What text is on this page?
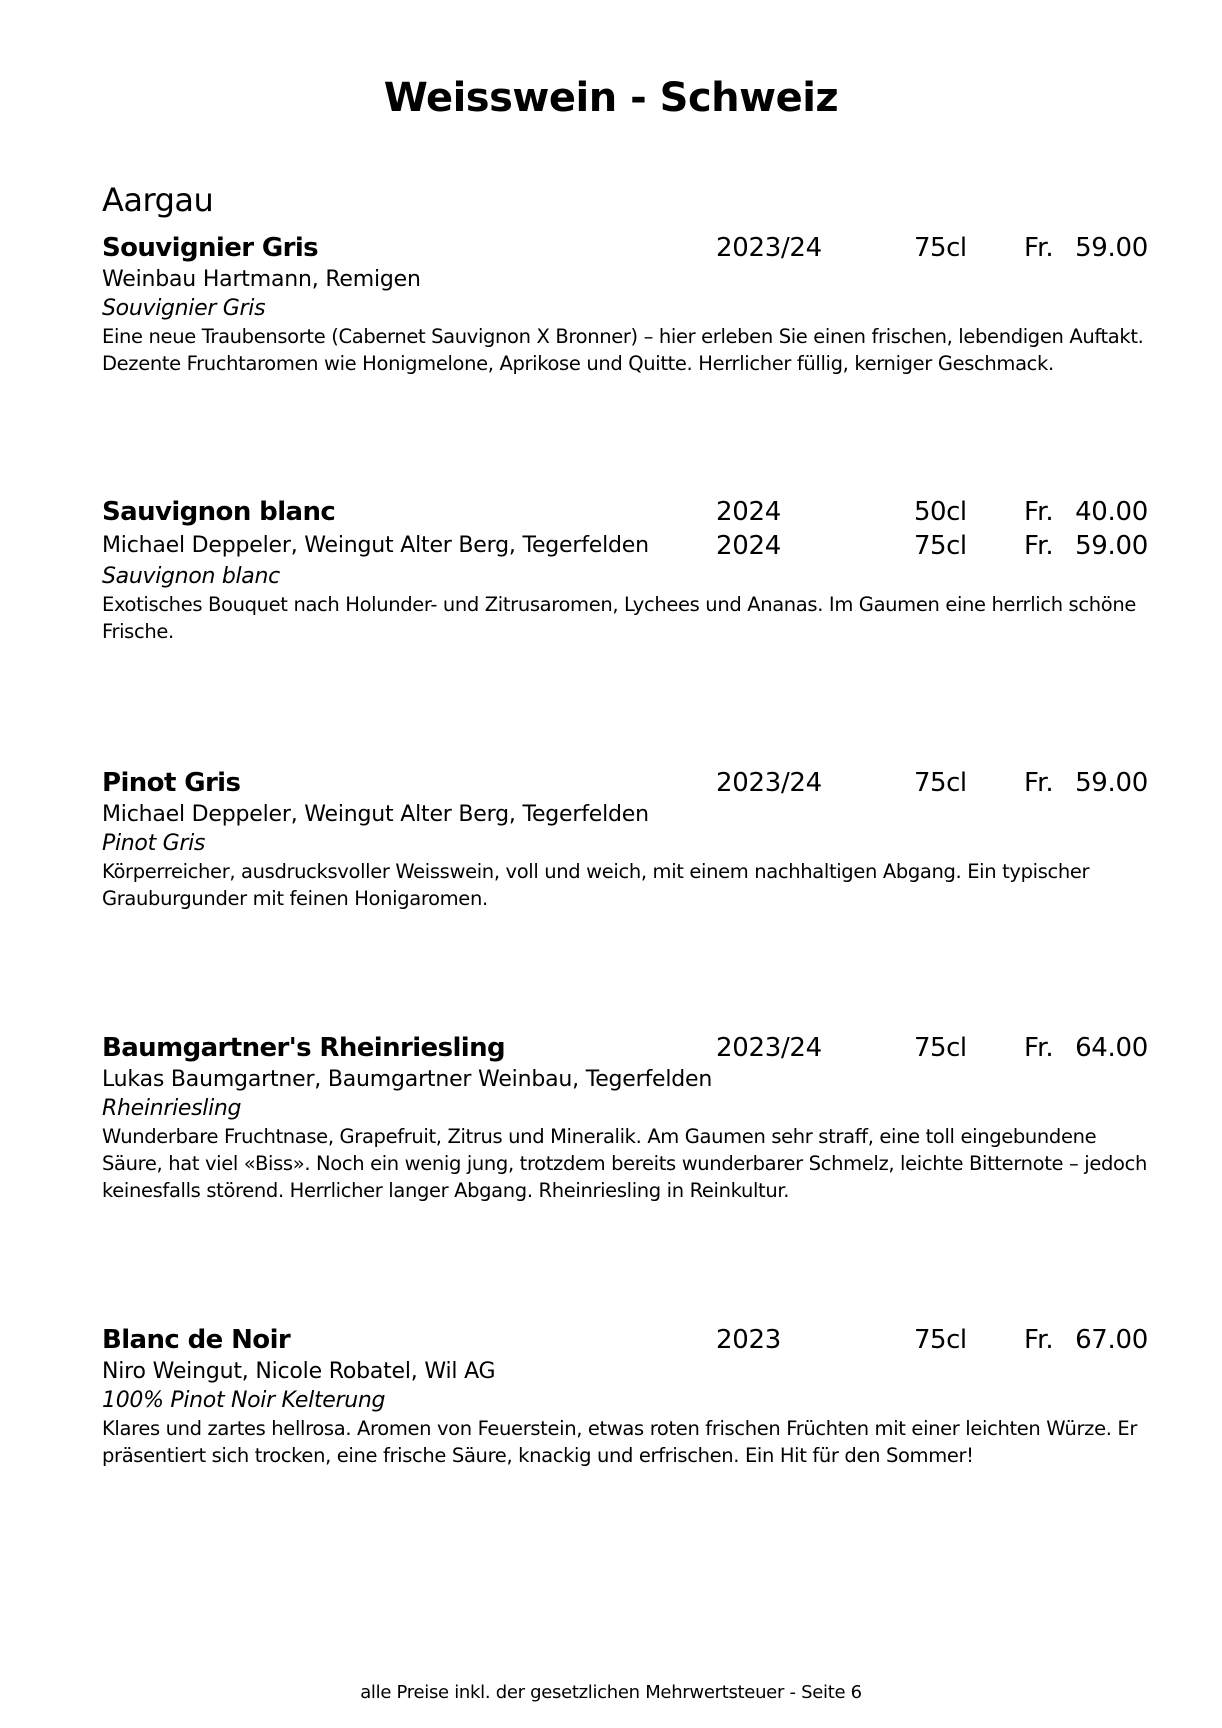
Weisswein - Schweiz
Aargau
Souvignier Gris	2023/24	75cl Fr. 59.00
Weinbau Hartmann, Remigen
Souvignier Gris
Eine neue Traubensorte (Cabernet Sauvignon X Bronner) – hier erleben Sie einen frischen, lebendigen Auftakt. Dezente Fruchtaromen wie Honigmelone, Aprikose und Quitte. Herrlicher füllig, kerniger Geschmack.
Sauvignon blanc	2024	50cl Fr. 40.00
Michael Deppeler, Weingut Alter Berg, Tegerfelden	2024	75cl Fr. 59.00
Sauvignon blanc
Exotisches Bouquet nach Holunder- und Zitrusaromen, Lychees und Ananas. Im Gaumen eine herrlich schöne Frische.
Pinot Gris	2023/24	75cl Fr. 59.00
Michael Deppeler, Weingut Alter Berg, Tegerfelden
Pinot Gris
Körperreicher, ausdrucksvoller Weisswein, voll und weich, mit einem nachhaltigen Abgang. Ein typischer Grauburgunder mit feinen Honigaromen.
Baumgartner's Rheinriesling	2023/24	75cl Fr. 64.00
Lukas Baumgartner, Baumgartner Weinbau, Tegerfelden
Rheinriesling
Wunderbare Fruchtnase, Grapefruit, Zitrus und Mineralik. Am Gaumen sehr straff, eine toll eingebundene Säure, hat viel «Biss». Noch ein wenig jung, trotzdem bereits wunderbarer Schmelz, leichte Bitternote – jedoch keinesfalls störend. Herrlicher langer Abgang. Rheinriesling in Reinkultur.
Blanc de Noir	2023	75cl Fr. 67.00
Niro Weingut, Nicole Robatel, Wil AG
100% Pinot Noir Kelterung
Klares und zartes hellrosa. Aromen von Feuerstein, etwas roten frischen Früchten mit einer leichten Würze. Er präsentiert sich trocken, eine frische Säure, knackig und erfrischen. Ein Hit für den Sommer!
alle Preise inkl. der gesetzlichen Mehrwertsteuer - Seite 6
